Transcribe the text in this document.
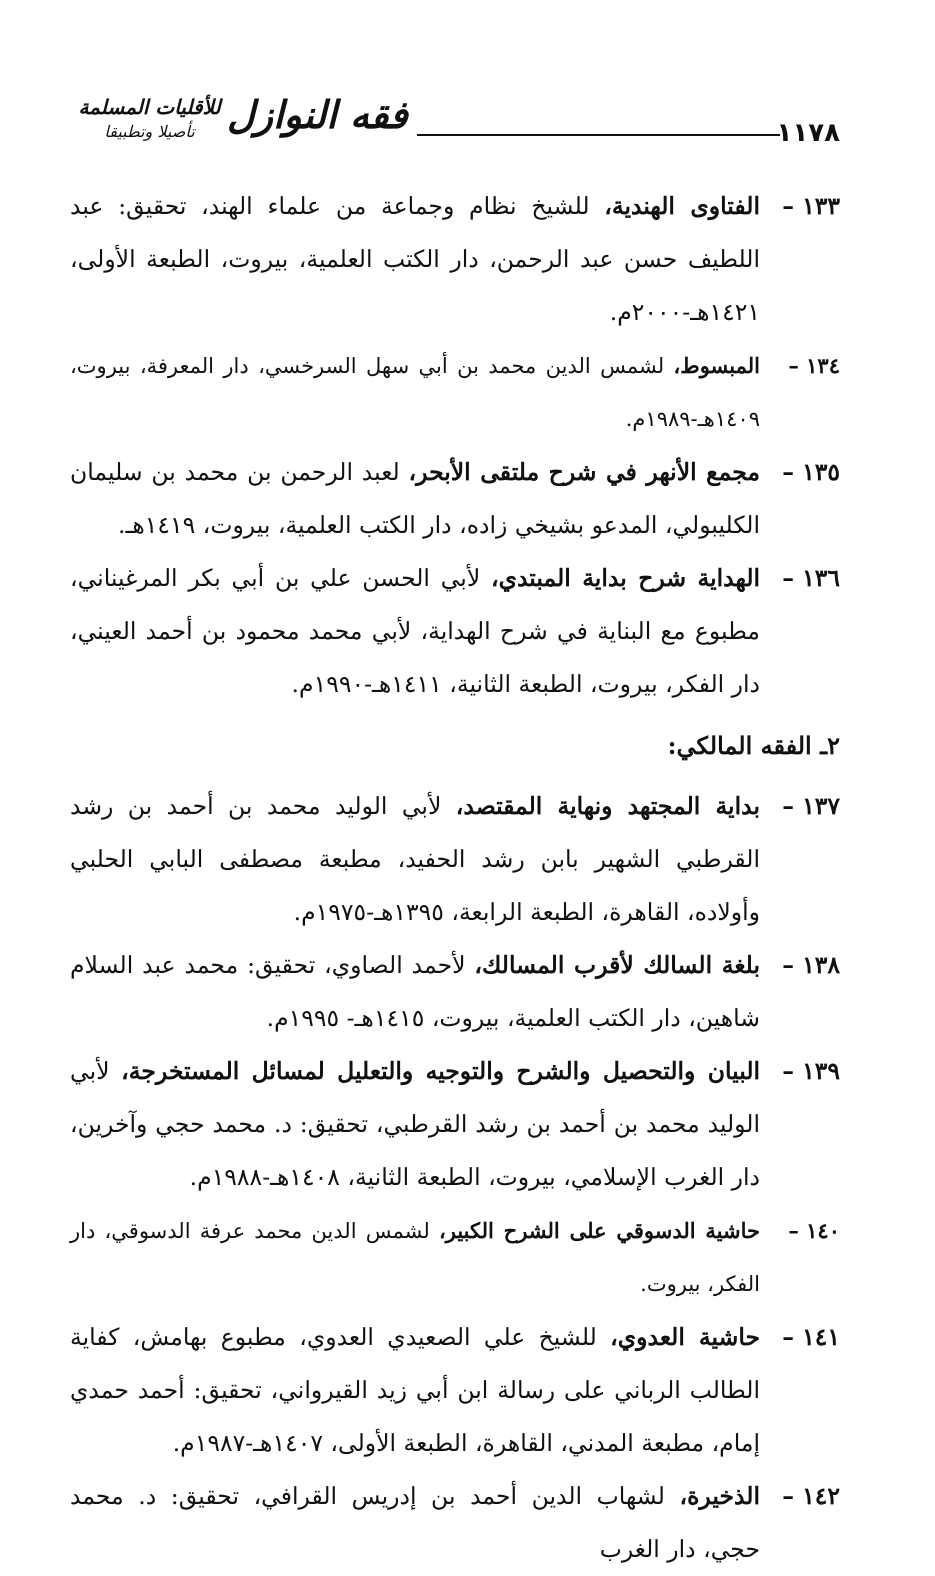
١١٧٨
فقه النوازل
للأقليات المسلمة
تأصيلا وتطبيقا
١٣٣ –
الفتاوى الهندية، للشيخ نظام وجماعة من علماء الهند، تحقيق: عبد اللطيف حسن عبد الرحمن، دار الكتب العلمية، بيروت، الطبعة الأولى، ١٤٢١هـ-٢٠٠٠م.
١٣٤ –
المبسوط، لشمس الدين محمد بن أبي سهل السرخسي، دار المعرفة، بيروت، ١٤٠٩هـ-١٩٨٩م.
١٣٥ –
مجمع الأنهر في شرح ملتقى الأبحر، لعبد الرحمن بن محمد بن سليمان الكليبولي، المدعو بشيخي زاده، دار الكتب العلمية، بيروت، ١٤١٩هـ.
١٣٦ –
الهداية شرح بداية المبتدي، لأبي الحسن علي بن أبي بكر المرغيناني، مطبوع مع البناية في شرح الهداية، لأبي محمد محمود بن أحمد العيني، دار الفكر، بيروت، الطبعة الثانية، ١٤١١هـ-١٩٩٠م.
٢ـ الفقه المالكي:
١٣٧ –
بداية المجتهد ونهاية المقتصد، لأبي الوليد محمد بن أحمد بن رشد القرطبي الشهير بابن رشد الحفيد، مطبعة مصطفى البابي الحلبي وأولاده، القاهرة، الطبعة الرابعة، ١٣٩٥هـ-١٩٧٥م.
١٣٨ –
بلغة السالك لأقرب المسالك، لأحمد الصاوي، تحقيق: محمد عبد السلام شاهين، دار الكتب العلمية، بيروت، ١٤١٥هـ- ١٩٩٥م.
١٣٩ –
البيان والتحصيل والشرح والتوجيه والتعليل لمسائل المستخرجة، لأبي الوليد محمد بن أحمد بن رشد القرطبي، تحقيق: د. محمد حجي وآخرين، دار الغرب الإسلامي، بيروت، الطبعة الثانية، ١٤٠٨هـ-١٩٨٨م.
١٤٠ –
حاشية الدسوقي على الشرح الكبير، لشمس الدين محمد عرفة الدسوقي، دار الفكر، بيروت.
١٤١ –
حاشية العدوي، للشيخ علي الصعيدي العدوي، مطبوع بهامش، كفاية الطالب الرباني على رسالة ابن أبي زيد القيرواني، تحقيق: أحمد حمدي إمام، مطبعة المدني، القاهرة، الطبعة الأولى، ١٤٠٧هـ-١٩٨٧م.
١٤٢ –
الذخيرة، لشهاب الدين أحمد بن إدريس القرافي، تحقيق: د. محمد حجي، دار الغرب
